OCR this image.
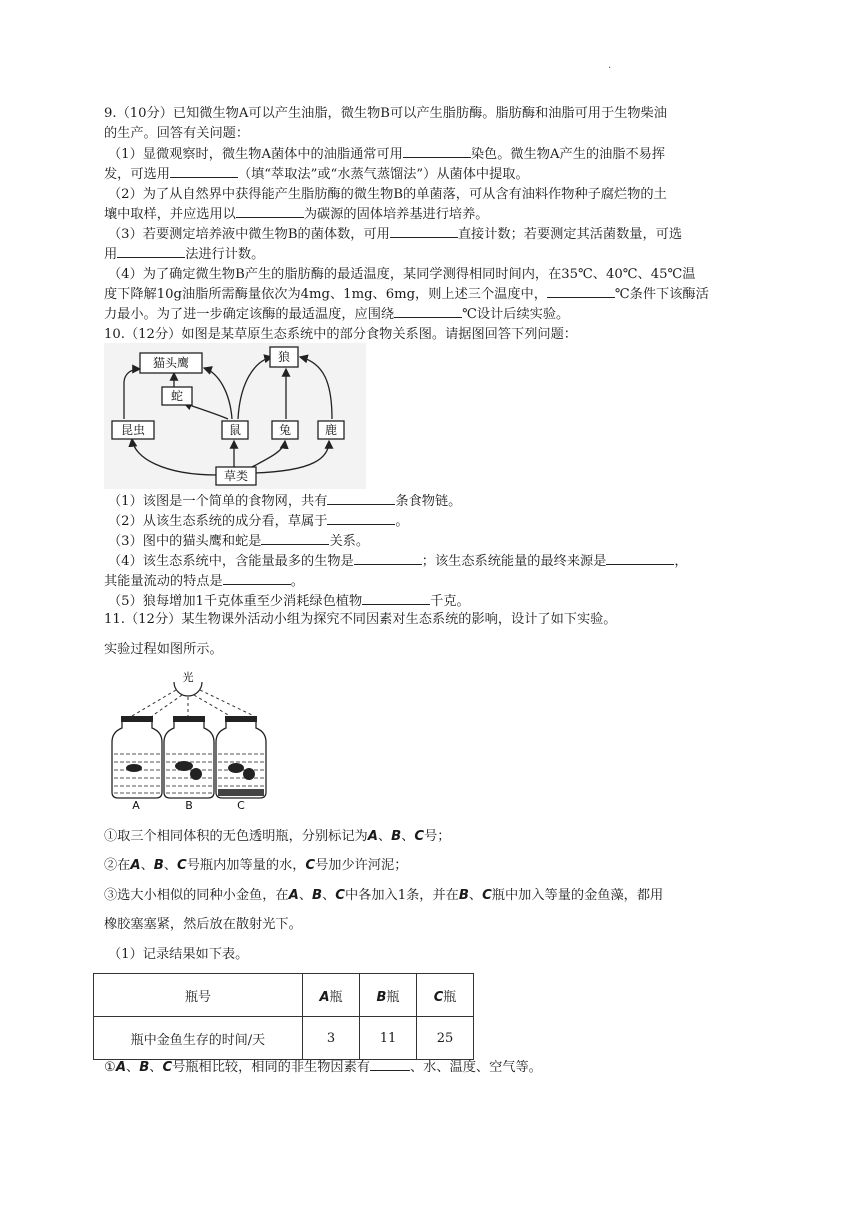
.
9.（10分）已知微生物A可以产生油脂，微生物B可以产生脂肪酶。脂肪酶和油脂可用于生物柴油
的生产。回答有关问题：
（1）显微观察时，微生物A菌体中的油脂通常可用	染色。微生物A产生的油脂不易挥
发，可选用	（填“萃取法”或“水蒸气蒸馏法”）从菌体中提取。
（2）为了从自然界中获得能产生脂肪酶的微生物B的单菌落，可从含有油料作物种子腐烂物的土
壤中取样，并应选用以	为碳源的固体培养基进行培养。
（3）若要测定培养液中微生物B的菌体数，可用	直接计数；若要测定其活菌数量，可选
用	法进行计数。
（4）为了确定微生物B产生的脂肪酶的最适温度，某同学测得相同时间内，在35℃、40℃、45℃温
度下降解10g油脂所需酶量依次为4mg、1mg、6mg，则上述三个温度中，	℃条件下该酶活
力最小。为了进一步确定该酶的最适温度，应围绕	℃设计后续实验。
10.（12分）如图是某草原生态系统中的部分食物关系图。请据图回答下列问题：
猫头鹰	狼
蛇
昆虫	鼠	兔	鹿
草类
（1）该图是一个简单的食物网，共有	条食物链。
（2）从该生态系统的成分看，草属于	。
（3）图中的猫头鹰和蛇是	关系。
（4）该生态系统中，含能量最多的生物是	；该生态系统能量的最终来源是	，
其能量流动的特点是	。
（5）狼每增加1千克体重至少消耗绿色植物	千克。
11.（12分）某生物课外活动小组为探究不同因素对生态系统的影响，设计了如下实验。
实验过程如图所示。
光
A	B	C
①取三个相同体积的无色透明瓶，分别标记为A、B、C号；
②在A、B、C号瓶内加等量的水，C号加少许河泥；
③选大小相似的同种小金鱼，在A、B、C中各加入1条，并在B、C瓶中加入等量的金鱼藻，都用
橡胶塞塞紧，然后放在散射光下。
（1）记录结果如下表。
瓶号	A瓶	B瓶	C瓶
瓶中金鱼生存的时间/天	3	11	25
①A、B、C号瓶相比较，相同的非生物因素有	、水、温度、空气等。
